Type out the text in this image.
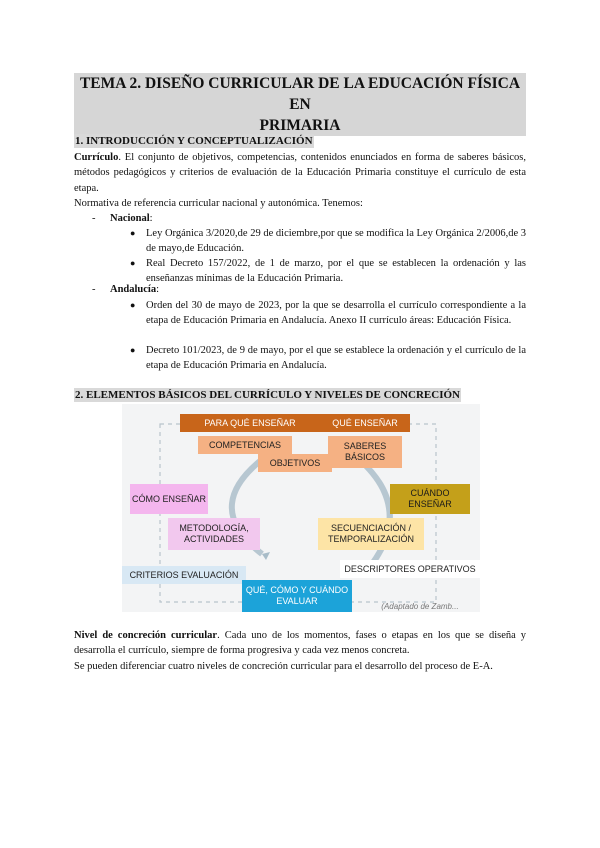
TEMA 2. DISEÑO CURRICULAR DE LA EDUCACIÓN FÍSICA EN
PRIMARIA
1. INTRODUCCIÓN Y CONCEPTUALIZACIÓN

Currículo. El conjunto de objetivos, competencias, contenidos enunciados en forma de saberes básicos, métodos pedagógicos y criterios de evaluación de la Educación Primaria constituye el currículo de esta etapa.

Normativa de referencia curricular nacional y autonómica. Tenemos:

- Nacional:

● Ley Orgánica 3/2020,de 29 de diciembre,por que se modifica la Ley Orgánica 2/2006,de 3 de mayo,de Educación.

● Real Decreto 157/2022, de 1 de marzo, por el que se establecen la ordenación y las enseñanzas mínimas de la Educación Primaria.

- Andalucía:

● Orden del 30 de mayo de 2023, por la que se desarrolla el currículo correspondiente a la etapa de Educación Primaria en Andalucía. Anexo II currículo áreas: Educación Física.

● Decreto 101/2023, de 9 de mayo, por el que se establece la ordenación y el currículo de la etapa de Educación Primaria en Andalucía.

2. ELEMENTOS BÁSICOS DEL CURRÍCULO Y NIVELES DE CONCRECIÓN
PARA QUÉ ENSEÑAR	QUÉ ENSEÑAR
COMPETENCIAS
OBJETIVOS
SABERES BÁSICOS
CÓMO ENSEÑAR
CUÁNDO ENSEÑAR
METODOLOGÍA, ACTIVIDADES
SECUENCIACIÓN / TEMPORALIZACIÓN
CRITERIOS EVALUACIÓN
DESCRIPTORES OPERATIVOS
QUÉ, CÓMO Y CUÁNDO EVALUAR	(Adaptado de Zamb...

Nivel de concreción curricular. Cada uno de los momentos, fases o etapas en los que se diseña y desarrolla el currículo, siempre de forma progresiva y cada vez menos concreta.

Se pueden diferenciar cuatro niveles de concreción curricular para el desarrollo del proceso de E-A.
